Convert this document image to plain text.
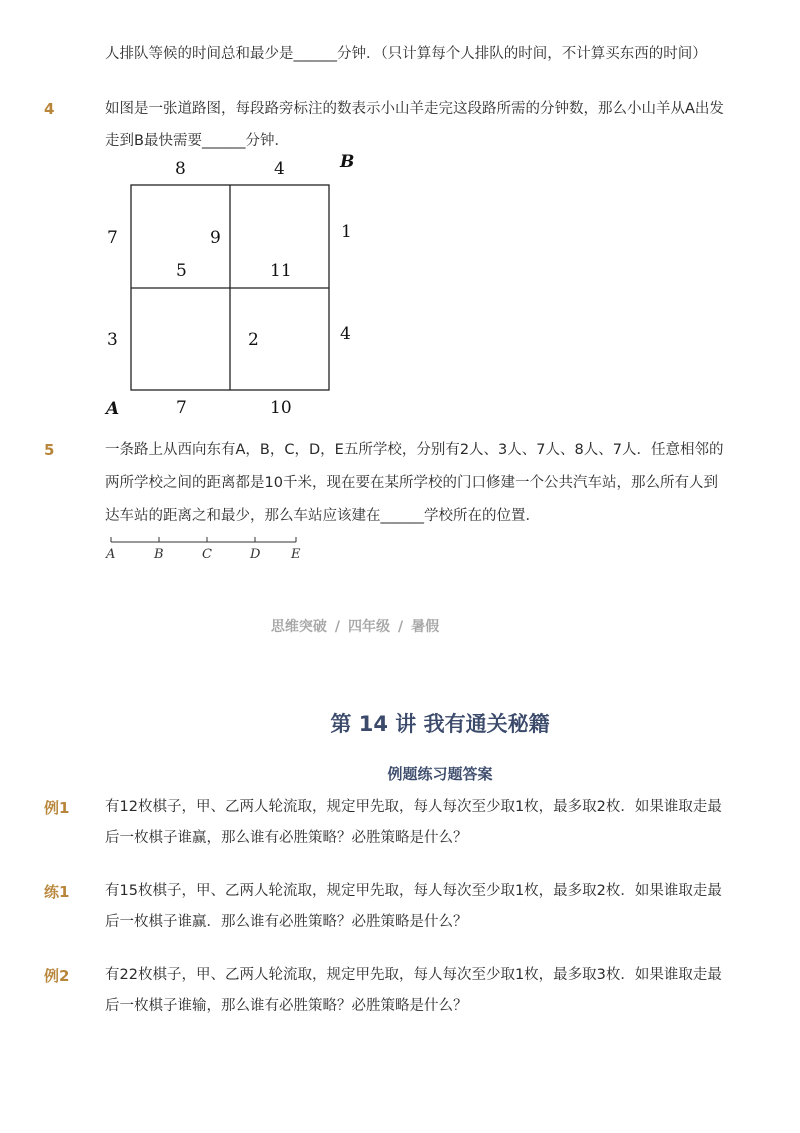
人排队等候的时间总和最少是______分钟．（只计算每个人排队的时间，不计算买东西的时间）
4	如图是一张道路图，每段路旁标注的数表示小山羊走完这段路所需的分钟数，那么小山羊从A出发
走到B最快需要______分钟．
8	4	B
7	1
9
5	11
3	2	4
A	7	10
5	一条路上从西向东有A，B，C，D，E五所学校，分别有2人、3人、7人、8人、7人．任意相邻的
两所学校之间的距离都是10千米，现在要在某所学校的门口修建一个公共汽车站，那么所有人到
达车站的距离之和最少，那么车站应该建在______学校所在的位置．
A	B	C	D E
思维突破 / 四年级 / 暑假
第 14 讲 我有通关秘籍
例题练习题答案
例1 有12枚棋子，甲、乙两人轮流取，规定甲先取，每人每次至少取1枚，最多取2枚．如果谁取走最
后一枚棋子谁赢，那么谁有必胜策略？必胜策略是什么？
练1 有15枚棋子，甲、乙两人轮流取，规定甲先取，每人每次至少取1枚，最多取2枚．如果谁取走最
后一枚棋子谁赢．那么谁有必胜策略？必胜策略是什么？
例2 有22枚棋子，甲、乙两人轮流取，规定甲先取，每人每次至少取1枚，最多取3枚．如果谁取走最
后一枚棋子谁输，那么谁有必胜策略？必胜策略是什么？
